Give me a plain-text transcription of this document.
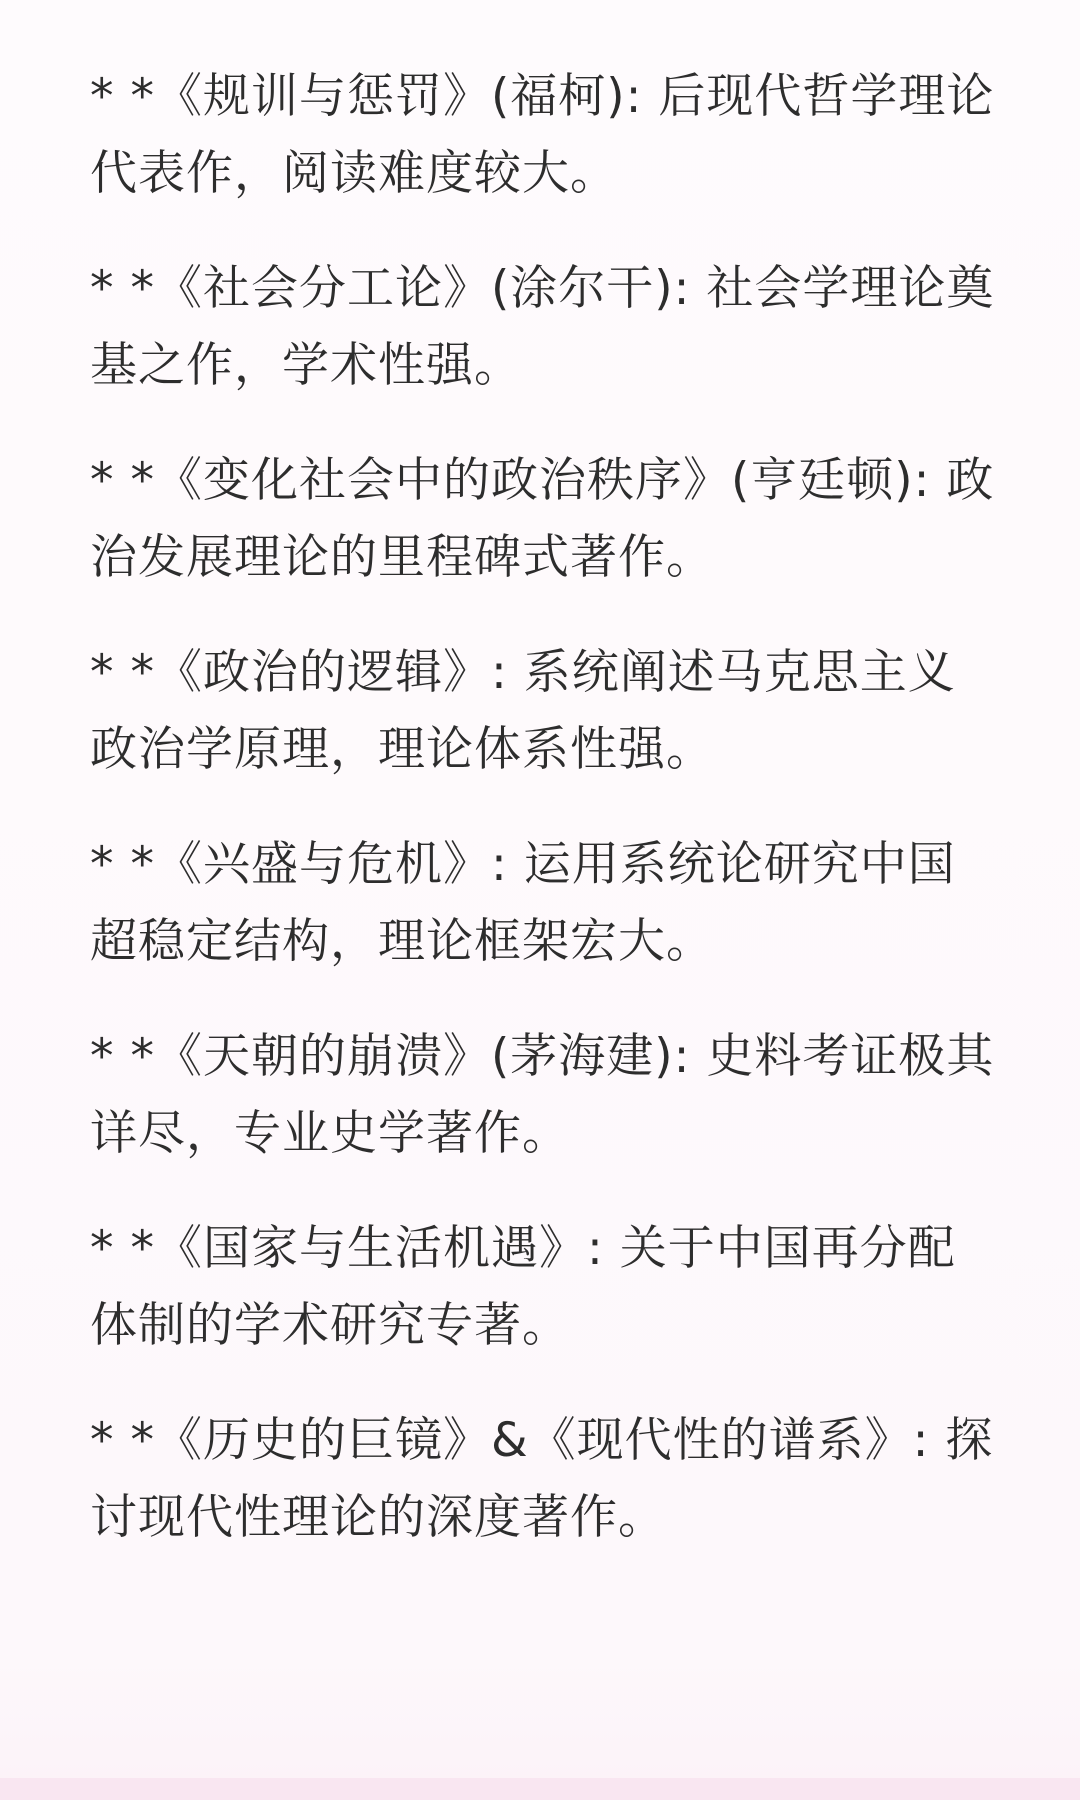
* *《规训与惩罚》(福柯): 后现代哲学理论代表作，阅读难度较大。
* *《社会分工论》(涂尔干): 社会学理论奠基之作，学术性强。
* *《变化社会中的政治秩序》(亨廷顿): 政治发展理论的里程碑式著作。
* *《政治的逻辑》: 系统阐述马克思主义政治学原理，理论体系性强。
* *《兴盛与危机》: 运用系统论研究中国超稳定结构，理论框架宏大。
* *《天朝的崩溃》(茅海建): 史料考证极其详尽，专业史学著作。
* *《国家与生活机遇》: 关于中国再分配体制的学术研究专著。
* *《历史的巨镜》&《现代性的谱系》: 探讨现代性理论的深度著作。
